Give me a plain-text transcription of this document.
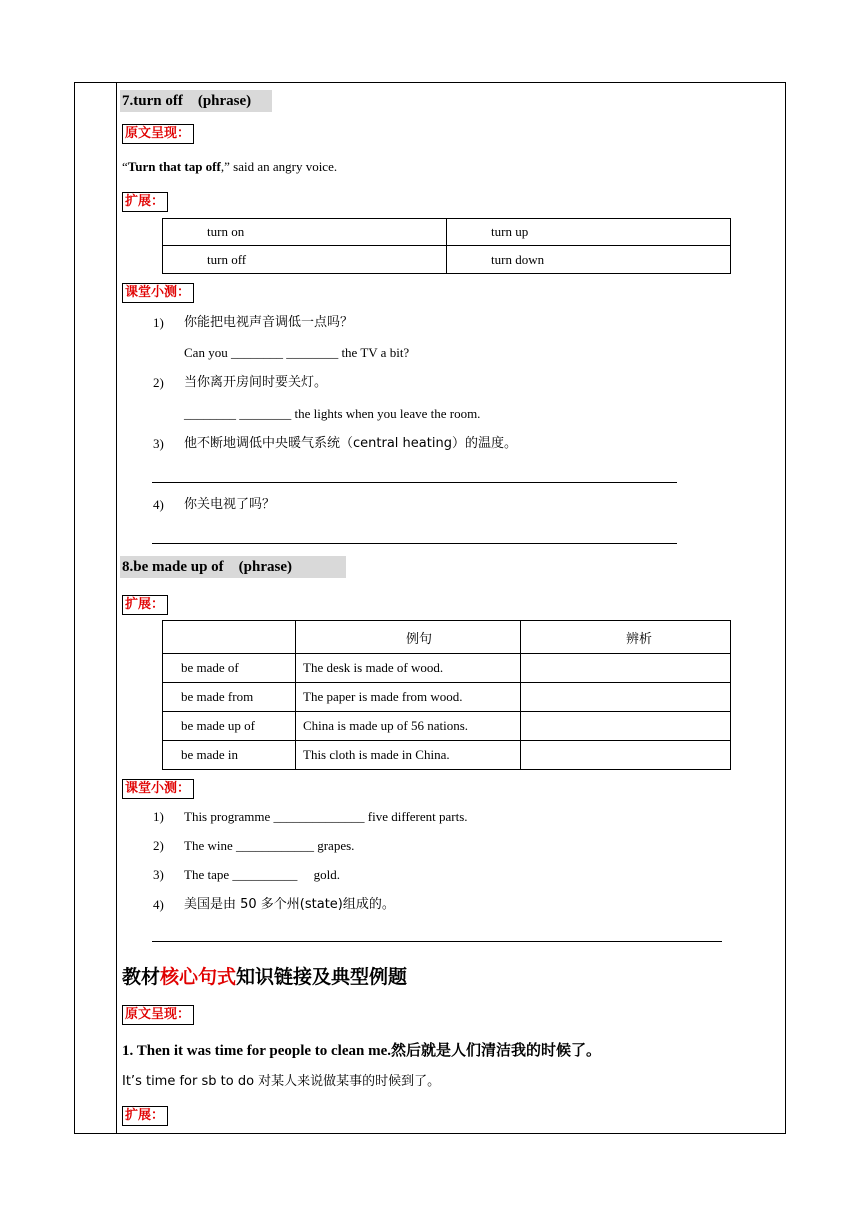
7.turn off　(phrase)
原文呈现：
“Turn that tap off,” said an angry voice.
扩展：
turn on	turn up
turn off	turn down
课堂小测：
1) 你能把电视声音调低一点吗？
Can you ________ ________ the TV a bit?
2) 当你离开房间时要关灯。
________ ________ the lights when you leave the room.
3) 他不断地调低中央暖气系统（central heating）的温度。
4) 你关电视了吗？
8.be made up of　(phrase)
扩展：
	例句	辨析
be made of	The desk is made of wood.	
be made from	The paper is made from wood.	
be made up of	China is made up of 56 nations.	
be made in	This cloth is made in China.	
课堂小测：
1) This programme ______________ five different parts.
2) The wine ____________ grapes.
3) The tape __________　 gold.
4) 美国是由 50 多个州(state)组成的。
教材核心句式知识链接及典型例题
原文呈现：
1. Then it was time for people to clean me.然后就是人们清洁我的时候了。
It’s time for sb to do 对某人来说做某事的时候到了。
扩展：
